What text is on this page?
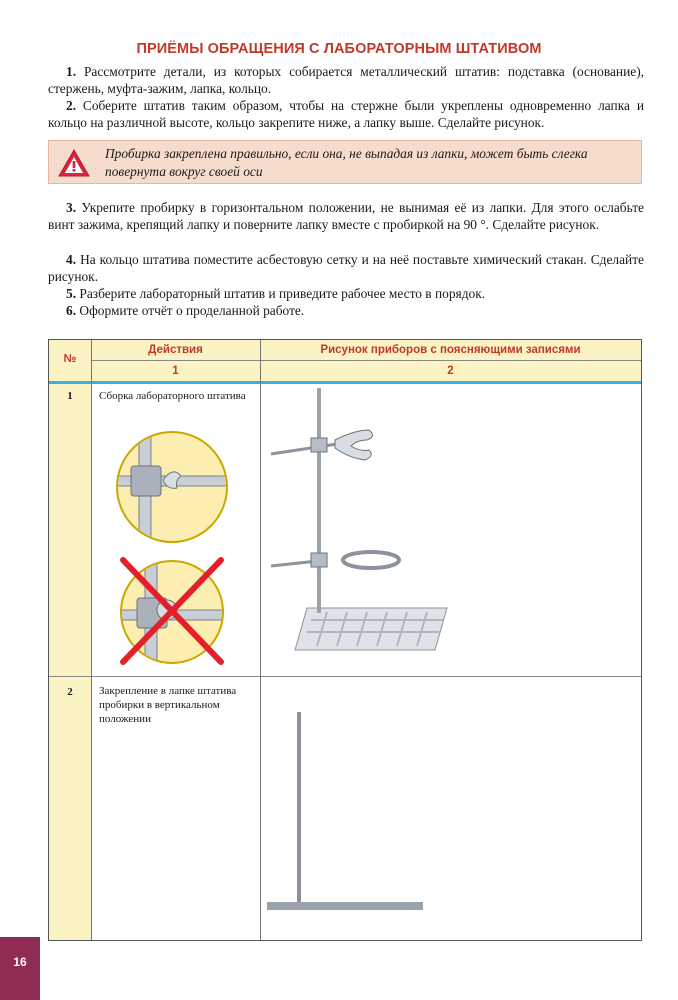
ПРИЁМЫ ОБРАЩЕНИЯ С ЛАБОРАТОРНЫМ ШТАТИВОМ
1. Рассмотрите детали, из которых собирается металлический штатив: подставка (основание), стержень, муфта-зажим, лапка, кольцо.
2. Соберите штатив таким образом, чтобы на стержне были укреплены одновременно лапка и кольцо на различной высоте, кольцо закрепите ниже, а лапку выше. Сделайте рисунок.
Пробирка закреплена правильно, если она, не выпадая из лапки, может быть слегка повернута вокруг своей оси
3. Укрепите пробирку в горизонтальном положении, не вынимая её из лапки. Для этого ослабьте винт зажима, крепящий лапку и поверните лапку вместе с пробиркой на 90 °. Сделайте рисунок.
4. На кольцо штатива поместите асбестовую сетку и на неё поставьте химический стакан. Сделайте рисунок.
5. Разберите лабораторный штатив и приведите рабочее место в порядок.
6. Оформите отчёт о проделанной работе.
№
Действия	Рисунок приборов с поясняющими записями
1	2
1	Сборка лабораторного штатива
2	Закрепление в лапке штатива пробирки в вертикальном положении
16
